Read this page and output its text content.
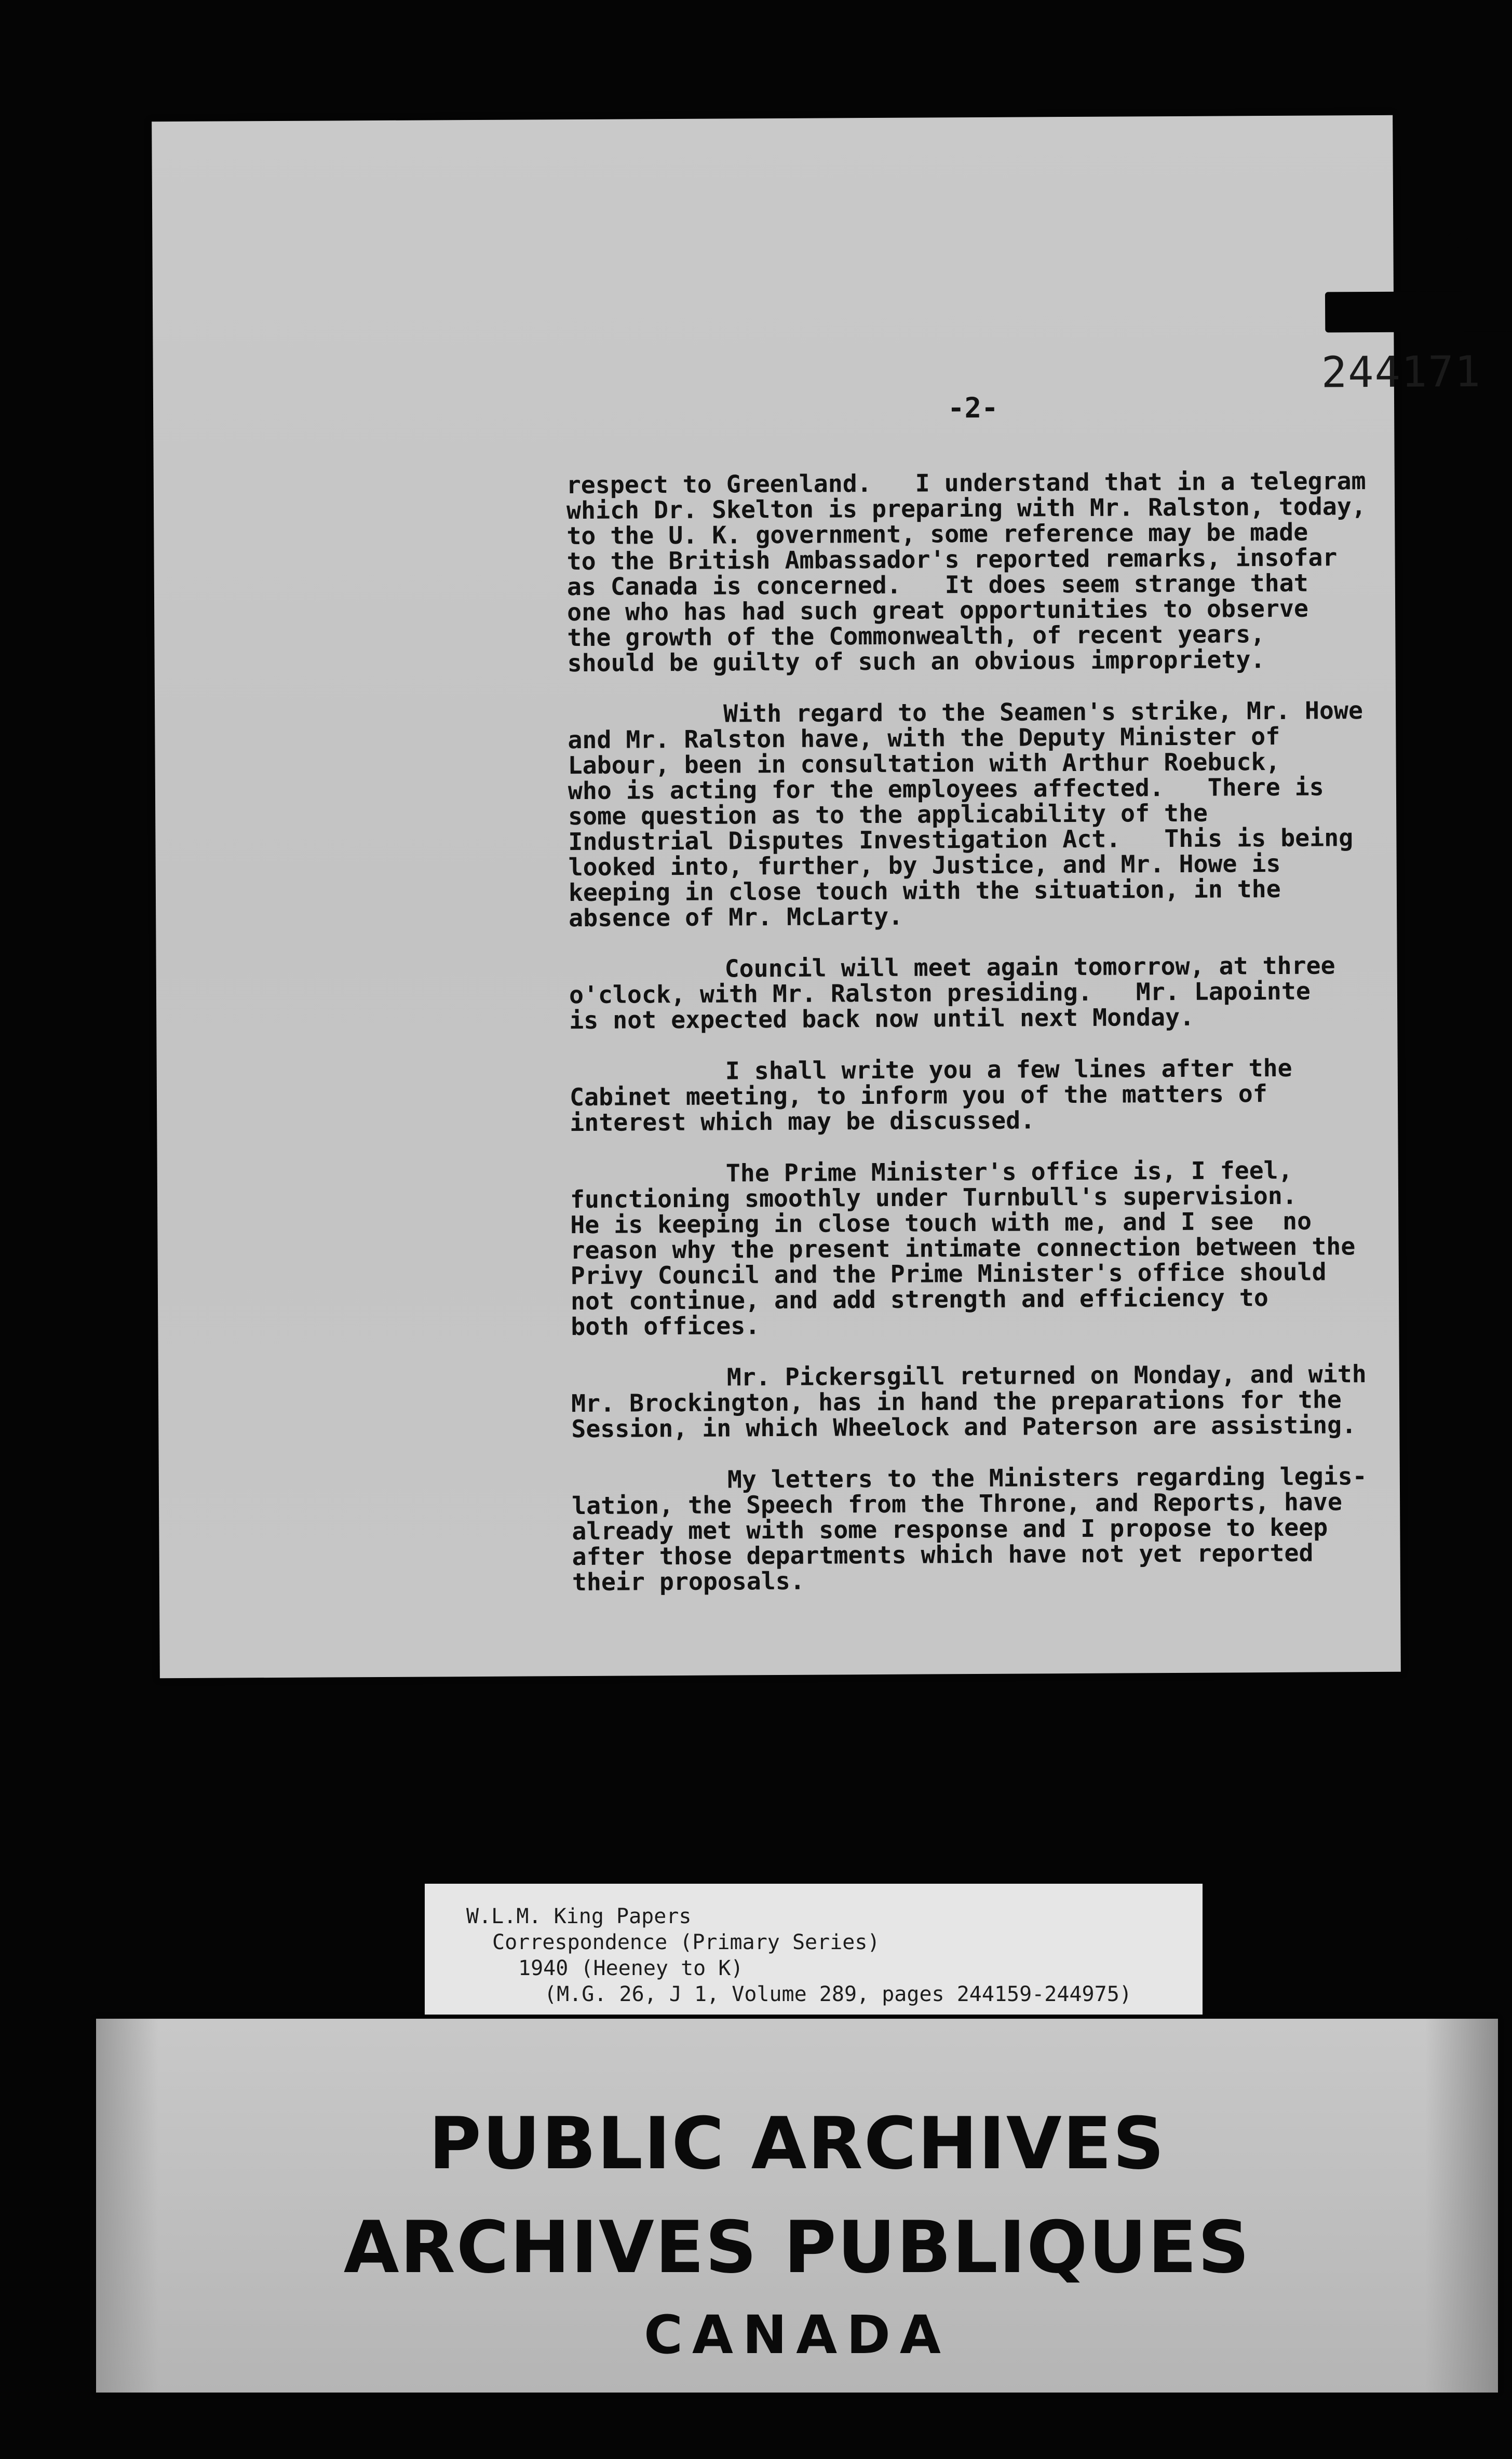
244171
-2-
respect to Greenland.   I understand that in a telegram
which Dr. Skelton is preparing with Mr. Ralston, today,
to the U. K. government, some reference may be made
to the British Ambassador's reported remarks, insofar
as Canada is concerned.   It does seem strange that
one who has had such great opportunities to observe
the growth of the Commonwealth, of recent years,
should be guilty of such an obvious impropriety.
With regard to the Seamen's strike, Mr. Howe
and Mr. Ralston have, with the Deputy Minister of
Labour, been in consultation with Arthur Roebuck,
who is acting for the employees affected.   There is
some question as to the applicability of the
Industrial Disputes Investigation Act.   This is being
looked into, further, by Justice, and Mr. Howe is
keeping in close touch with the situation, in the
absence of Mr. McLarty.
Council will meet again tomorrow, at three
o'clock, with Mr. Ralston presiding.   Mr. Lapointe
is not expected back now until next Monday.
I shall write you a few lines after the
Cabinet meeting, to inform you of the matters of
interest which may be discussed.
The Prime Minister's office is, I feel,
functioning smoothly under Turnbull's supervision.
He is keeping in close touch with me, and I see  no
reason why the present intimate connection between the
Privy Council and the Prime Minister's office should
not continue, and add strength and efficiency to
both offices.
Mr. Pickersgill returned on Monday, and with
Mr. Brockington, has in hand the preparations for the
Session, in which Wheelock and Paterson are assisting.
My letters to the Ministers regarding legis-
lation, the Speech from the Throne, and Reports, have
already met with some response and I propose to keep
after those departments which have not yet reported
their proposals.
W.L.M. King Papers
Correspondence (Primary Series)
1940 (Heeney to K)
(M.G. 26, J 1, Volume 289, pages 244159-244975)
PUBLIC ARCHIVES
ARCHIVES PUBLIQUES
CANADA
